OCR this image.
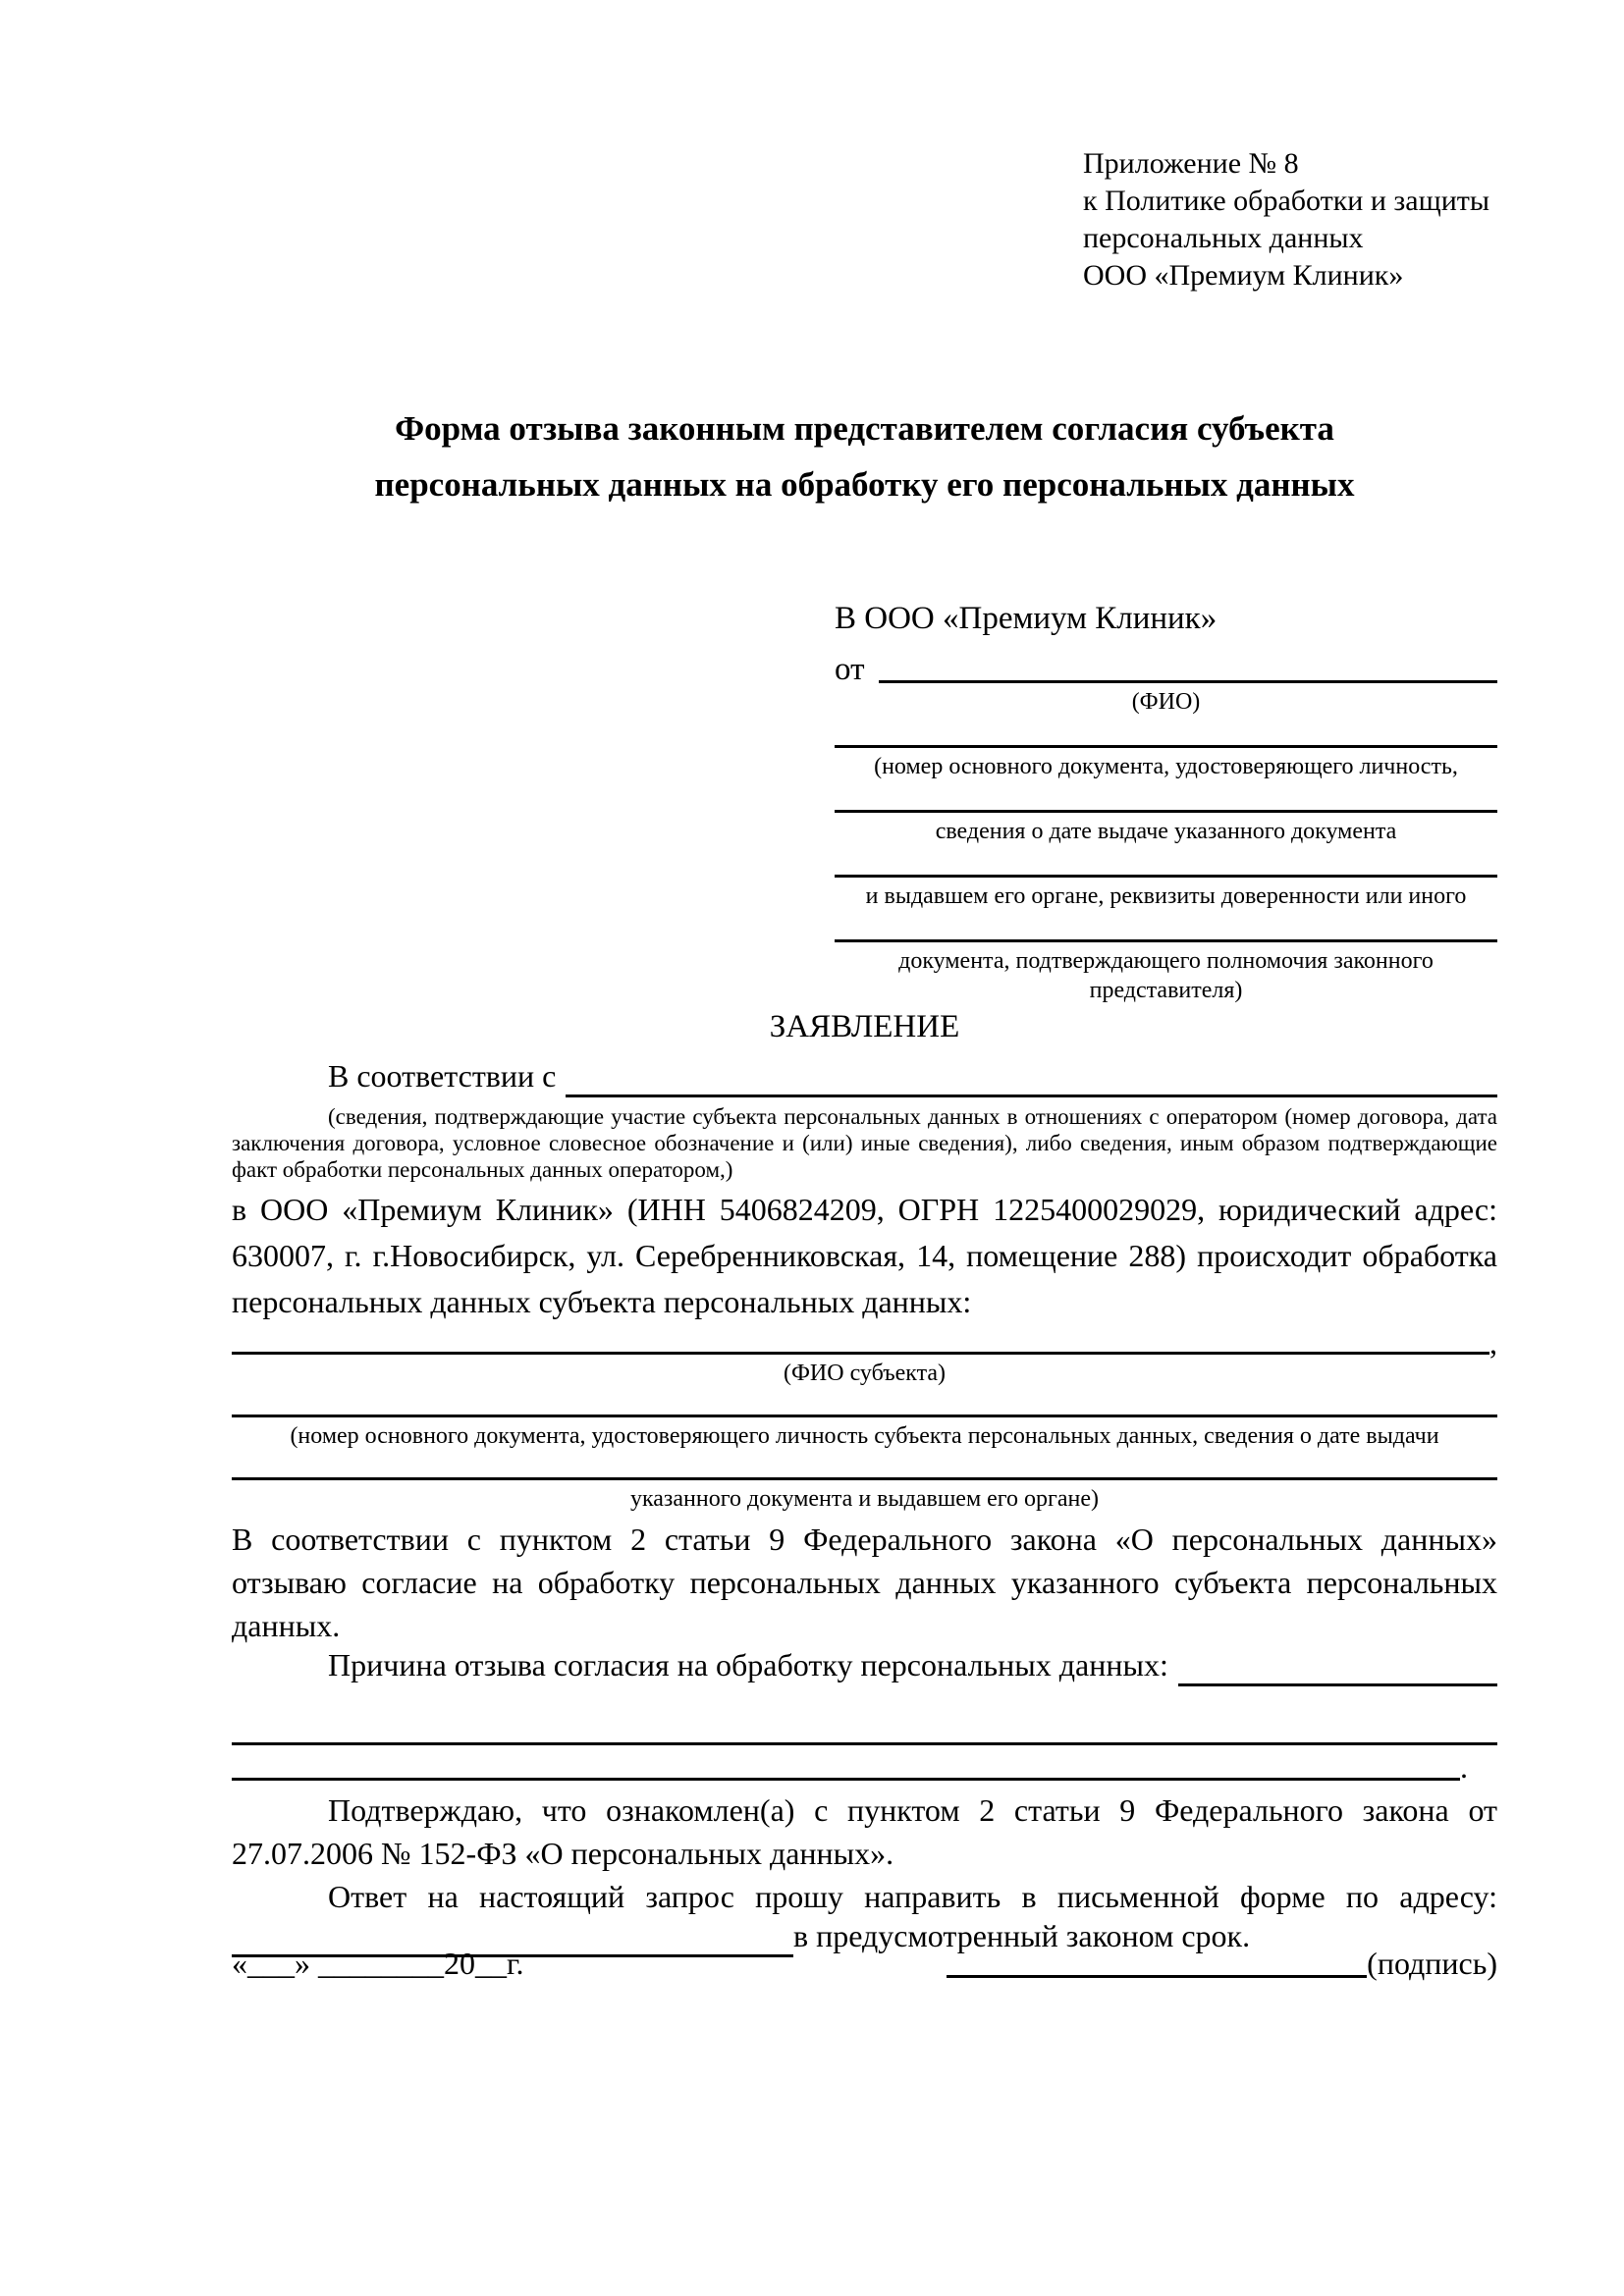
Приложение № 8
к Политике обработки и защиты
персональных данных
ООО «Премиум Клиник»
Форма отзыва законным представителем согласия субъекта
персональных данных на обработку его персональных данных
В ООО «Премиум Клиник»
от
(ФИО)
(номер основного документа, удостоверяющего личность,
сведения о дате выдаче указанного документа
и выдавшем его органе, реквизиты доверенности или иного
документа, подтверждающего полномочия законного представителя)
ЗАЯВЛЕНИЕ
В соответствии с

(сведения, подтверждающие участие субъекта персональных данных в отношениях с оператором (номер договора, дата заключения договора, условное словесное обозначение и (или) иные сведения), либо сведения, иным образом подтверждающие факт обработки персональных данных оператором,)

в ООО «Премиум Клиник» (ИНН 5406824209, ОГРН 1225400029029, юридический адрес: 630007, г. г.Новосибирск, ул. Серебренниковская, 14, помещение 288) происходит обработка персональных данных субъекта персональных данных:

,
(ФИО субъекта)
(номер основного документа, удостоверяющего личность субъекта персональных данных, сведения о дате выдачи
указанного документа и выдавшем его органе)

В соответствии с пунктом 2 статьи 9 Федерального закона «О персональных данных» отзываю согласие на обработку персональных данных указанного субъекта персональных данных.

Причина отзыва согласия на обработку персональных данных:
.

Подтверждаю, что ознакомлен(а) с пунктом 2 статьи 9 Федерального закона от 27.07.2006 № 152-ФЗ «О персональных данных».

Ответ на настоящий запрос прошу направить в письменной форме по адресу:

в предусмотренный законом срок.
«___» ________20__г.	(подпись)
